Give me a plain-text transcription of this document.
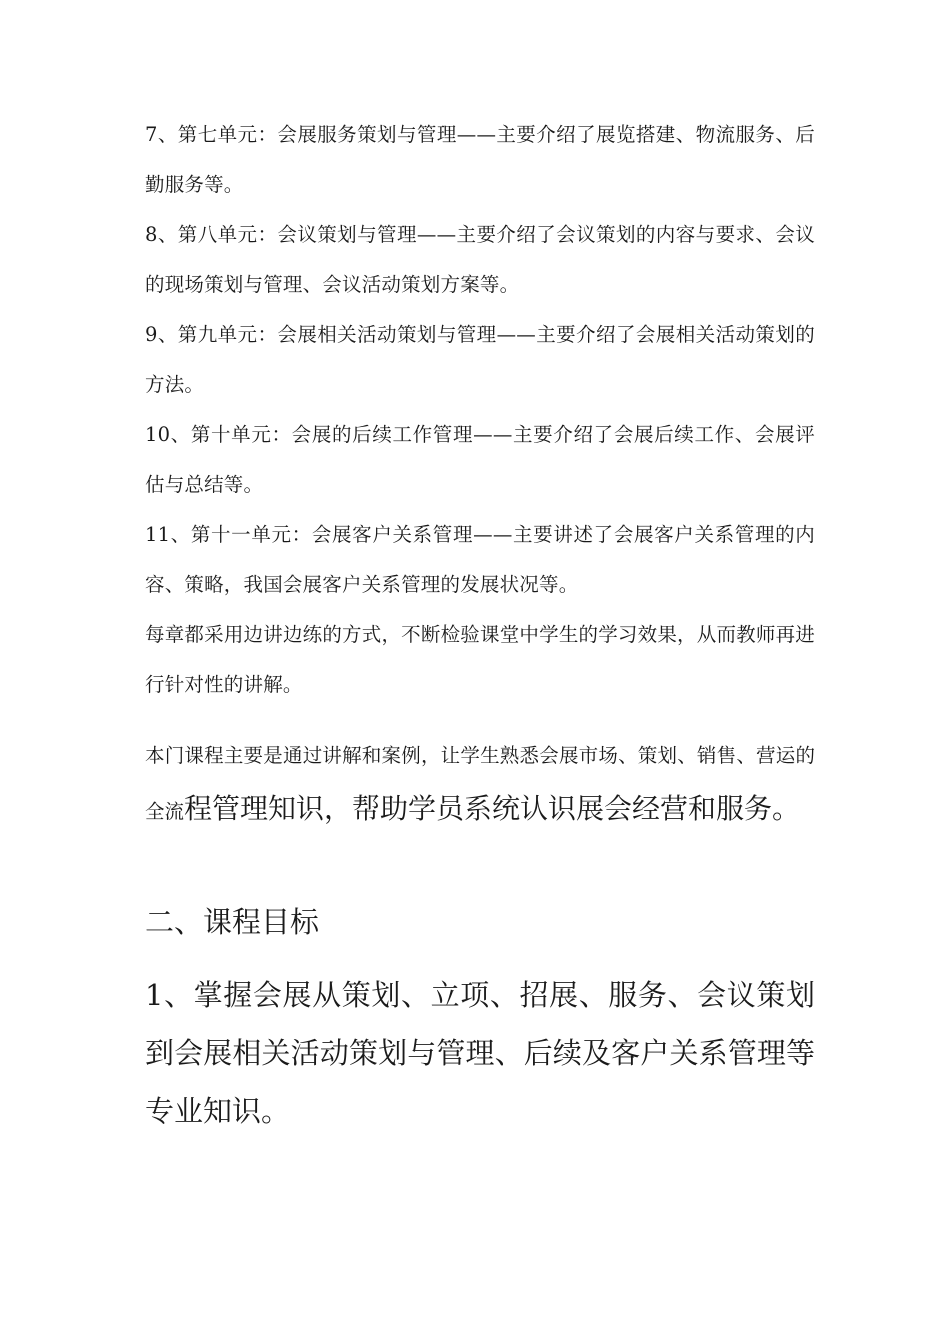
7、第七单元：会展服务策划与管理——主要介绍了展览搭建、物流服务、后勤服务等。

8、第八单元：会议策划与管理——主要介绍了会议策划的内容与要求、会议的现场策划与管理、会议活动策划方案等。

9、第九单元：会展相关活动策划与管理——主要介绍了会展相关活动策划的方法。

10、第十单元：会展的后续工作管理——主要介绍了会展后续工作、会展评估与总结等。

11、第十一单元：会展客户关系管理——主要讲述了会展客户关系管理的内容、策略，我国会展客户关系管理的发展状况等。

每章都采用边讲边练的方式，不断检验课堂中学生的学习效果，从而教师再进行针对性的讲解。

本门课程主要是通过讲解和案例，让学生熟悉会展市场、策划、销售、营运的全流程管理知识，帮助学员系统认识展会经营和服务。

二、课程目标

1、掌握会展从策划、立项、招展、服务、会议策划到会展相关活动策划与管理、后续及客户关系管理等专业知识。
